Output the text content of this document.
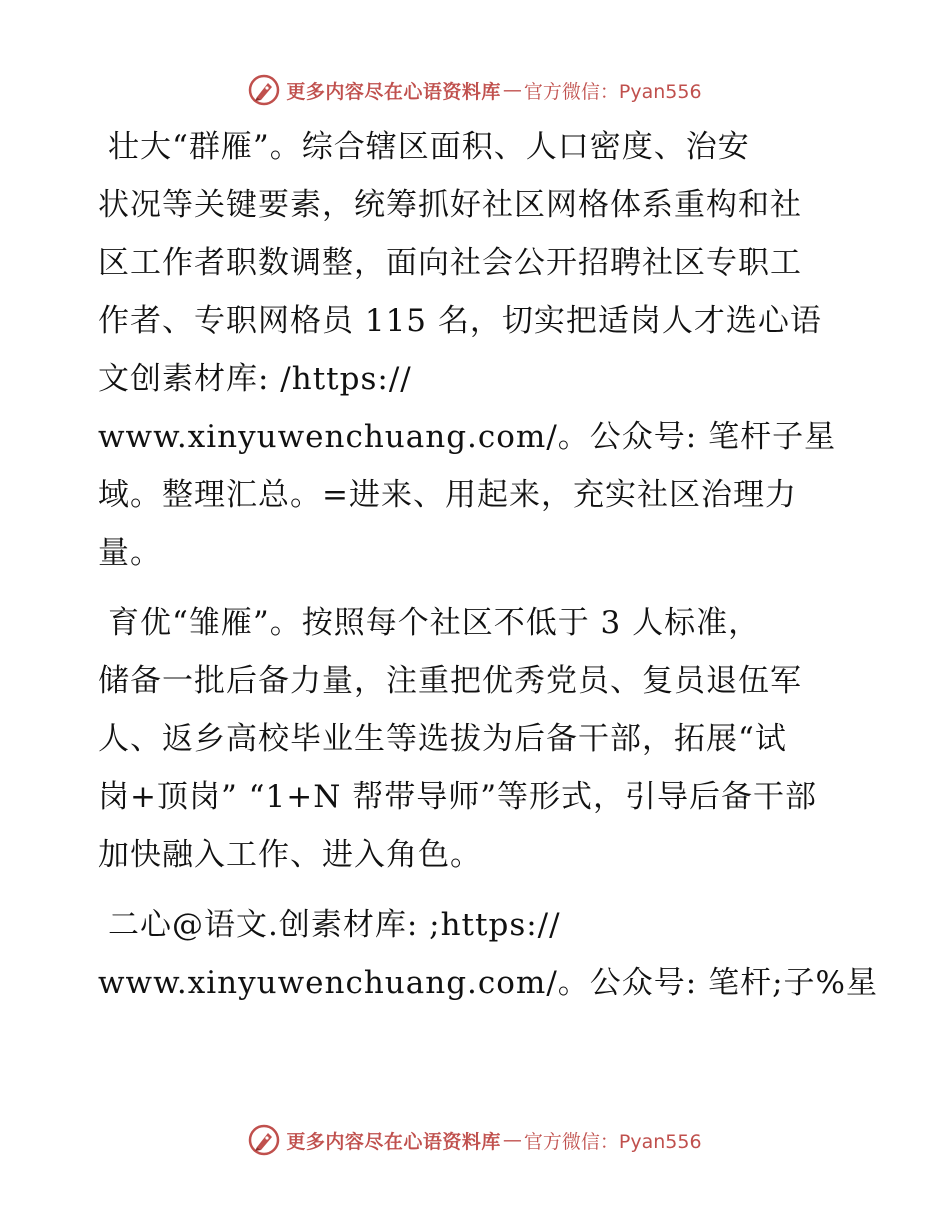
更多内容尽在心语资料库 — 官方微信：Pyan556
壮大“群雁”。综合辖区面积、人口密度、治安
状况等关键要素，统筹抓好社区网格体系重构和社
区工作者职数调整，面向社会公开招聘社区专职工
作者、专职网格员 115 名，切实把适岗人才选心语
文创素材库: /https://
www.xinyuwenchuang.com/。公众号: 笔杆子星
域。整理汇总。=进来、用起来，充实社区治理力
量。
育优“雏雁”。按照每个社区不低于 3 人标准，
储备一批后备力量，注重把优秀党员、复员退伍军
人、返乡高校毕业生等选拔为后备干部，拓展“试
岗+顶岗” “1+N 帮带导师”等形式，引导后备干部
加快融入工作、进入角色。
二心@语文.创素材库: ;https://
www.xinyuwenchuang.com/。公众号: 笔杆;子%星
更多内容尽在心语资料库 — 官方微信：Pyan556
